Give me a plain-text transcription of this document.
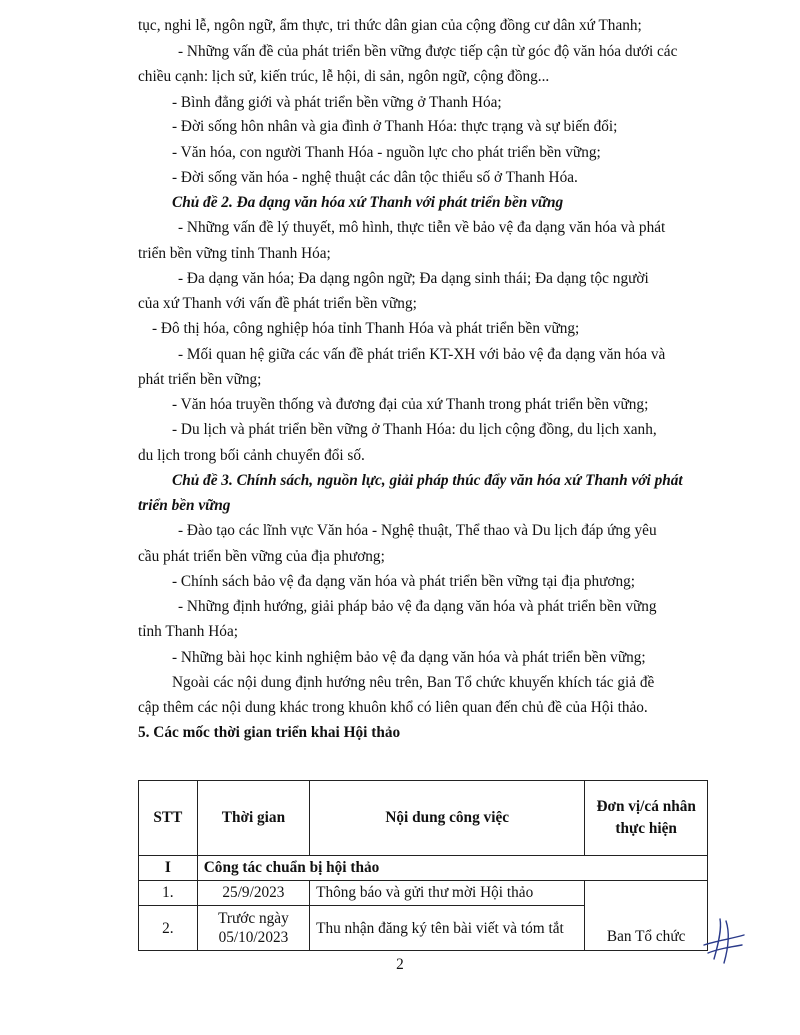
tục, nghi lễ, ngôn ngữ, ẩm thực, tri thức dân gian của cộng đồng cư dân xứ Thanh;
- Những vấn đề của phát triển bền vững được tiếp cận từ góc độ văn hóa dưới các
chiều cạnh: lịch sử, kiến trúc, lễ hội, di sản, ngôn ngữ, cộng đồng...
- Bình đẳng giới và phát triển bền vững ở Thanh Hóa;
- Đời sống hôn nhân và gia đình ở Thanh Hóa: thực trạng và sự biến đổi;
- Văn hóa, con người Thanh Hóa - nguồn lực cho phát triển bền vững;
- Đời sống văn hóa - nghệ thuật các dân tộc thiểu số ở Thanh Hóa.
Chủ đề 2. Đa dạng văn hóa xứ Thanh với phát triển bền vững
- Những vấn đề lý thuyết, mô hình, thực tiễn về bảo vệ đa dạng văn hóa và phát
triển bền vững tỉnh Thanh Hóa;
- Đa dạng văn hóa; Đa dạng ngôn ngữ; Đa dạng sinh thái; Đa dạng tộc người
của xứ Thanh với vấn đề phát triển bền vững;
- Đô thị hóa, công nghiệp hóa tỉnh Thanh Hóa và phát triển bền vững;
- Mối quan hệ giữa các vấn đề phát triển KT-XH với bảo vệ đa dạng văn hóa và
phát triển bền vững;
- Văn hóa truyền thống và đương đại của xứ Thanh trong phát triển bền vững;
- Du lịch và phát triển bền vững ở Thanh Hóa: du lịch cộng đồng, du lịch xanh,
du lịch trong bối cảnh chuyển đổi số.
Chủ đề 3. Chính sách, nguồn lực, giải pháp thúc đẩy văn hóa xứ Thanh với phát
triển bền vững
- Đào tạo các lĩnh vực Văn hóa - Nghệ thuật, Thể thao và Du lịch đáp ứng yêu
cầu phát triển bền vững của địa phương;
- Chính sách bảo vệ đa dạng văn hóa và phát triển bền vững tại địa phương;
- Những định hướng, giải pháp bảo vệ đa dạng văn hóa và phát triển bền vững
tỉnh Thanh Hóa;
- Những bài học kinh nghiệm bảo vệ đa dạng văn hóa và phát triển bền vững;
Ngoài các nội dung định hướng nêu trên, Ban Tổ chức khuyến khích tác giả đề
cập thêm các nội dung khác trong khuôn khổ có liên quan đến chủ đề của Hội thảo.
5. Các mốc thời gian triển khai Hội thảo
STT	Thời gian	Nội dung công việc	Đơn vị/cá nhân
thực hiện

I	Công tác chuẩn bị hội thảo		
1.	25/9/2023	Thông báo và gửi thư mời Hội thảo	Ban Tổ chức
2.	Trước ngày
05/10/2023	Thu nhận đăng ký tên bài viết và tóm tắt	
2
